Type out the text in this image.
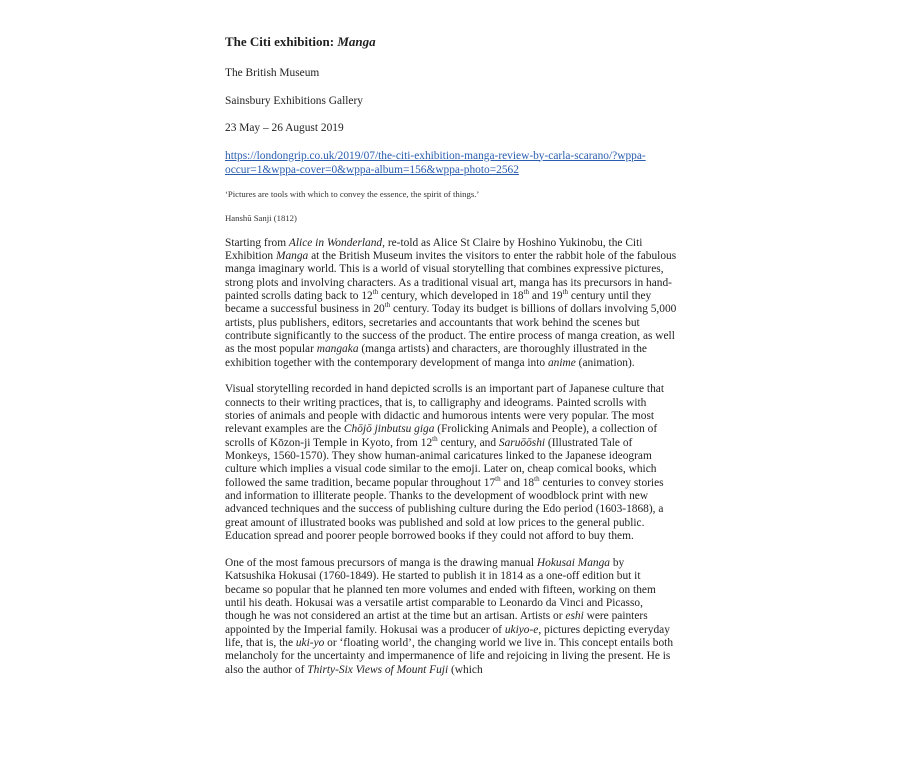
The Citi exhibition: Manga
The British Museum
Sainsbury Exhibitions Gallery
23 May – 26 August 2019
https://londongrip.co.uk/2019/07/the-citi-exhibition-manga-review-by-carla-scarano/?wppa-
occur=1&wppa-cover=0&wppa-album=156&wppa-photo=2562
‘Pictures are tools with which to convey the essence, the spirit of things.’
Hanshū Sanji (1812)

Starting from Alice in Wonderland, re-told as Alice St Claire by Hoshino Yukinobu, the Citi Exhibition Manga at the British Museum invites the visitors to enter the rabbit hole of the fabulous manga imaginary world. This is a world of visual storytelling that combines expressive pictures, strong plots and involving characters. As a traditional visual art, manga has its precursors in hand-painted scrolls dating back to 12th century, which developed in 18th and 19th century until they became a successful business in 20th century. Today its budget is billions of dollars involving 5,000 artists, plus publishers, editors, secretaries and accountants that work behind the scenes but contribute significantly to the success of the product. The entire process of manga creation, as well as the most popular mangaka (manga artists) and characters, are thoroughly illustrated in the exhibition together with the contemporary development of manga into anime (animation).

Visual storytelling recorded in hand depicted scrolls is an important part of Japanese culture that connects to their writing practices, that is, to calligraphy and ideograms. Painted scrolls with stories of animals and people with didactic and humorous intents were very popular. The most relevant examples are the Chōjō jinbutsu giga (Frolicking Animals and People), a collection of scrolls of Kōzon-ji Temple in Kyoto, from 12th century, and Saruōōshi (Illustrated Tale of Monkeys, 1560-1570). They show human-animal caricatures linked to the Japanese ideogram culture which implies a visual code similar to the emoji. Later on, cheap comical books, which followed the same tradition, became popular throughout 17th and 18th centuries to convey stories and information to illiterate people. Thanks to the development of woodblock print with new advanced techniques and the success of publishing culture during the Edo period (1603-1868), a great amount of illustrated books was published and sold at low prices to the general public. Education spread and poorer people borrowed books if they could not afford to buy them.

One of the most famous precursors of manga is the drawing manual Hokusai Manga by Katsushika Hokusai (1760-1849). He started to publish it in 1814 as a one-off edition but it became so popular that he planned ten more volumes and ended with fifteen, working on them until his death. Hokusai was a versatile artist comparable to Leonardo da Vinci and Picasso, though he was not considered an artist at the time but an artisan. Artists or eshi were painters appointed by the Imperial family. Hokusai was a producer of ukiyo-e, pictures depicting everyday life, that is, the uki-yo or ‘floating world’, the changing world we live in. This concept entails both melancholy for the uncertainty and impermanence of life and rejoicing in living the present. He is also the author of Thirty-Six Views of Mount Fuji (which
